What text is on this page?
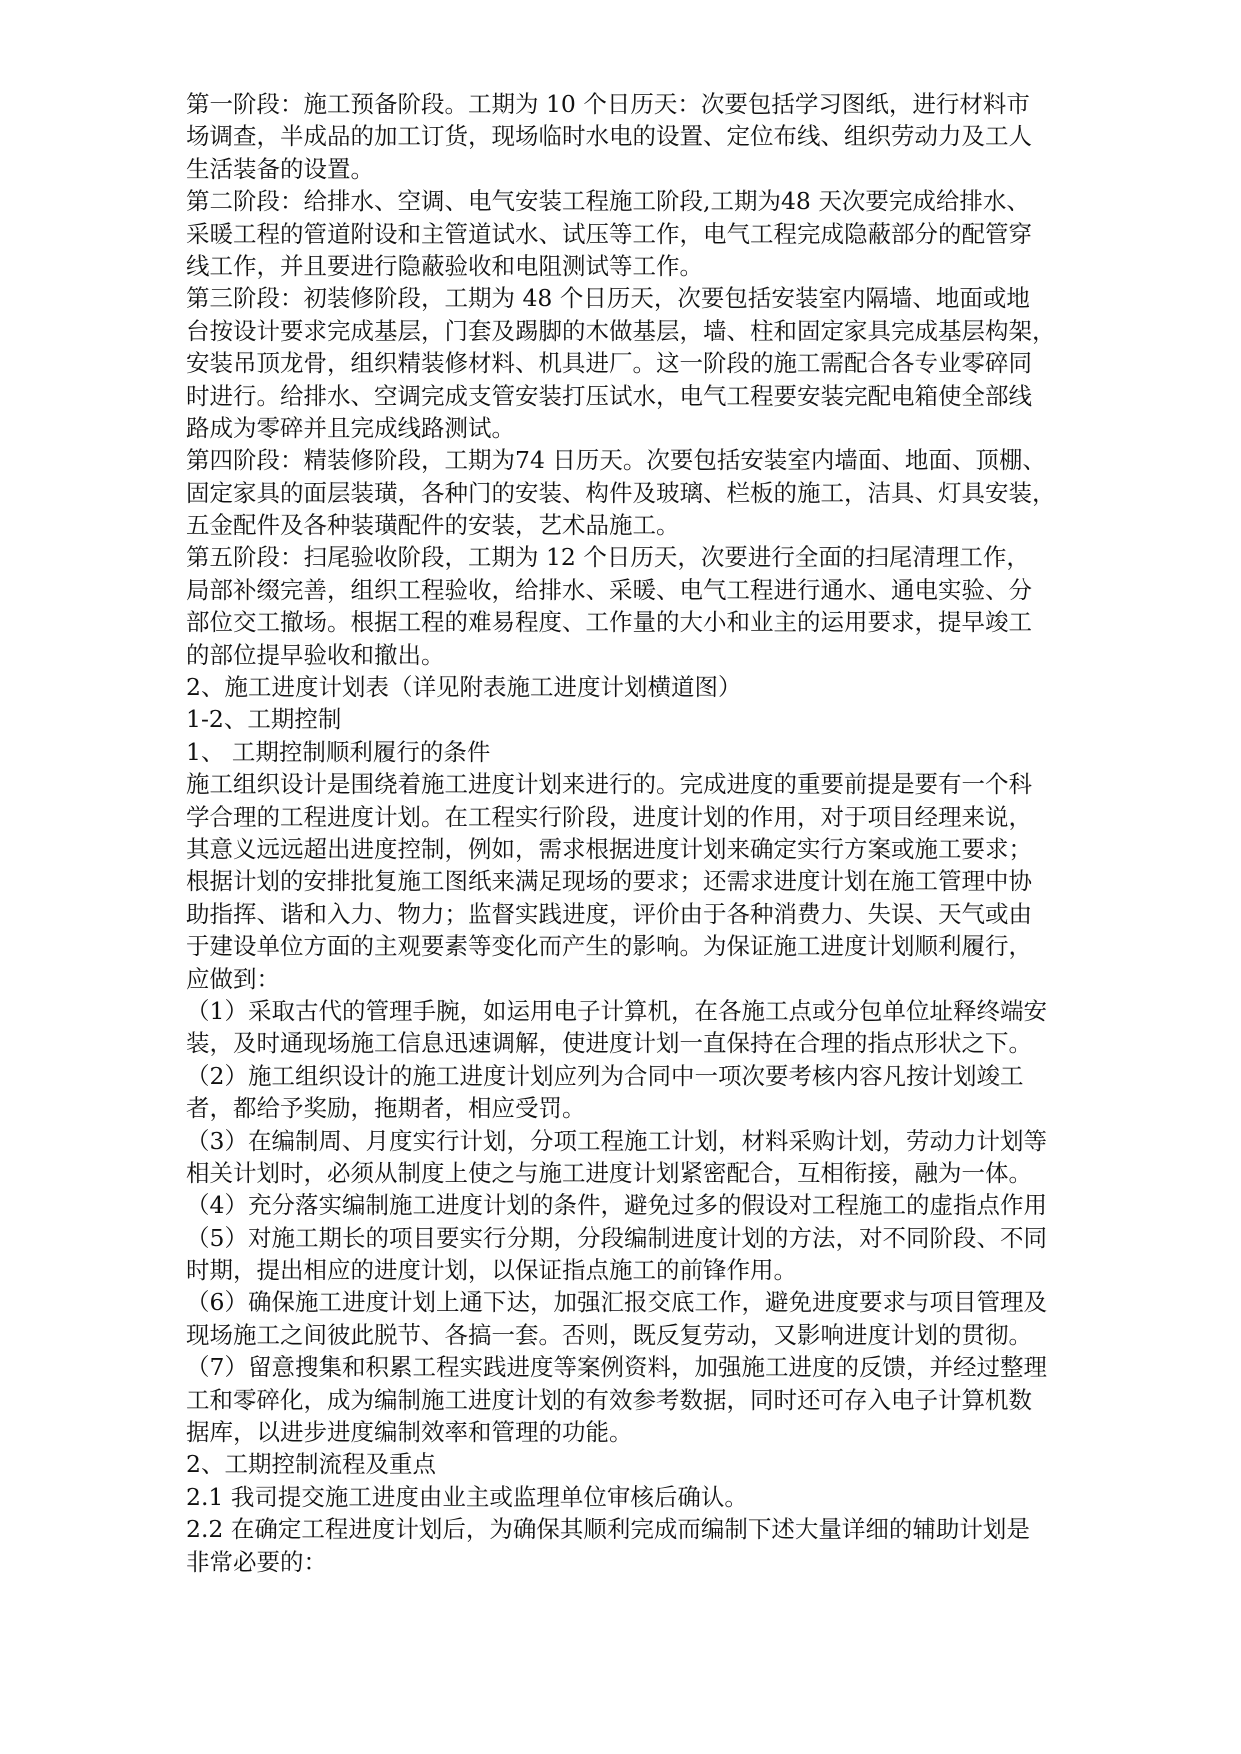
第一阶段：施工预备阶段。工期为 10 个日历天：次要包括学习图纸，进行材料市
场调查，半成品的加工订货，现场临时水电的设置、定位布线、组织劳动力及工人
生活装备的设置。
第二阶段：给排水、空调、电气安装工程施工阶段,工期为48 天次要完成给排水、
采暖工程的管道附设和主管道试水、试压等工作，电气工程完成隐蔽部分的配管穿
线工作，并且要进行隐蔽验收和电阻测试等工作。
第三阶段：初装修阶段，工期为 48 个日历天，次要包括安装室内隔墙、地面或地
台按设计要求完成基层，门套及踢脚的木做基层，墙、柱和固定家具完成基层构架，
安装吊顶龙骨，组织精装修材料、机具进厂。这一阶段的施工需配合各专业零碎同
时进行。给排水、空调完成支管安装打压试水，电气工程要安装完配电箱使全部线
路成为零碎并且完成线路测试。
第四阶段：精装修阶段，工期为74 日历天。次要包括安装室内墙面、地面、顶棚、
固定家具的面层装璜，各种门的安装、构件及玻璃、栏板的施工，洁具、灯具安装，
五金配件及各种装璜配件的安装，艺术品施工。
第五阶段：扫尾验收阶段，工期为 12 个日历天，次要进行全面的扫尾清理工作，
局部补缀完善，组织工程验收，给排水、采暖、电气工程进行通水、通电实验、分
部位交工撤场。根据工程的难易程度、工作量的大小和业主的运用要求，提早竣工
的部位提早验收和撤出。
2、施工进度计划表（详见附表施工进度计划横道图）
1-2、工期控制
1、 工期控制顺利履行的条件
施工组织设计是围绕着施工进度计划来进行的。完成进度的重要前提是要有一个科
学合理的工程进度计划。在工程实行阶段，进度计划的作用，对于项目经理来说，
其意义远远超出进度控制，例如，需求根据进度计划来确定实行方案或施工要求；
根据计划的安排批复施工图纸来满足现场的要求；还需求进度计划在施工管理中协
助指挥、谐和入力、物力；监督实践进度，评价由于各种消费力、失误、天气或由
于建设单位方面的主观要素等变化而产生的影响。为保证施工进度计划顺利履行，
应做到：
（1）采取古代的管理手腕，如运用电子计算机，在各施工点或分包单位址释终端安
装，及时通现场施工信息迅速调解，使进度计划一直保持在合理的指点形状之下。
（2）施工组织设计的施工进度计划应列为合同中一项次要考核内容凡按计划竣工
者，都给予奖励，拖期者，相应受罚。
（3）在编制周、月度实行计划，分项工程施工计划，材料采购计划，劳动力计划等
相关计划时，必须从制度上使之与施工进度计划紧密配合，互相衔接，融为一体。
（4）充分落实编制施工进度计划的条件，避免过多的假设对工程施工的虚指点作用
（5）对施工期长的项目要实行分期，分段编制进度计划的方法，对不同阶段、不同
时期，提出相应的进度计划，以保证指点施工的前锋作用。
（6）确保施工进度计划上通下达，加强汇报交底工作，避免进度要求与项目管理及
现场施工之间彼此脱节、各搞一套。否则，既反复劳动，又影响进度计划的贯彻。
（7）留意搜集和积累工程实践进度等案例资料，加强施工进度的反馈，并经过整理
工和零碎化，成为编制施工进度计划的有效参考数据，同时还可存入电子计算机数
据库，以进步进度编制效率和管理的功能。
2、工期控制流程及重点
2.1 我司提交施工进度由业主或监理单位审核后确认。
2.2 在确定工程进度计划后，为确保其顺利完成而编制下述大量详细的辅助计划是
非常必要的：
